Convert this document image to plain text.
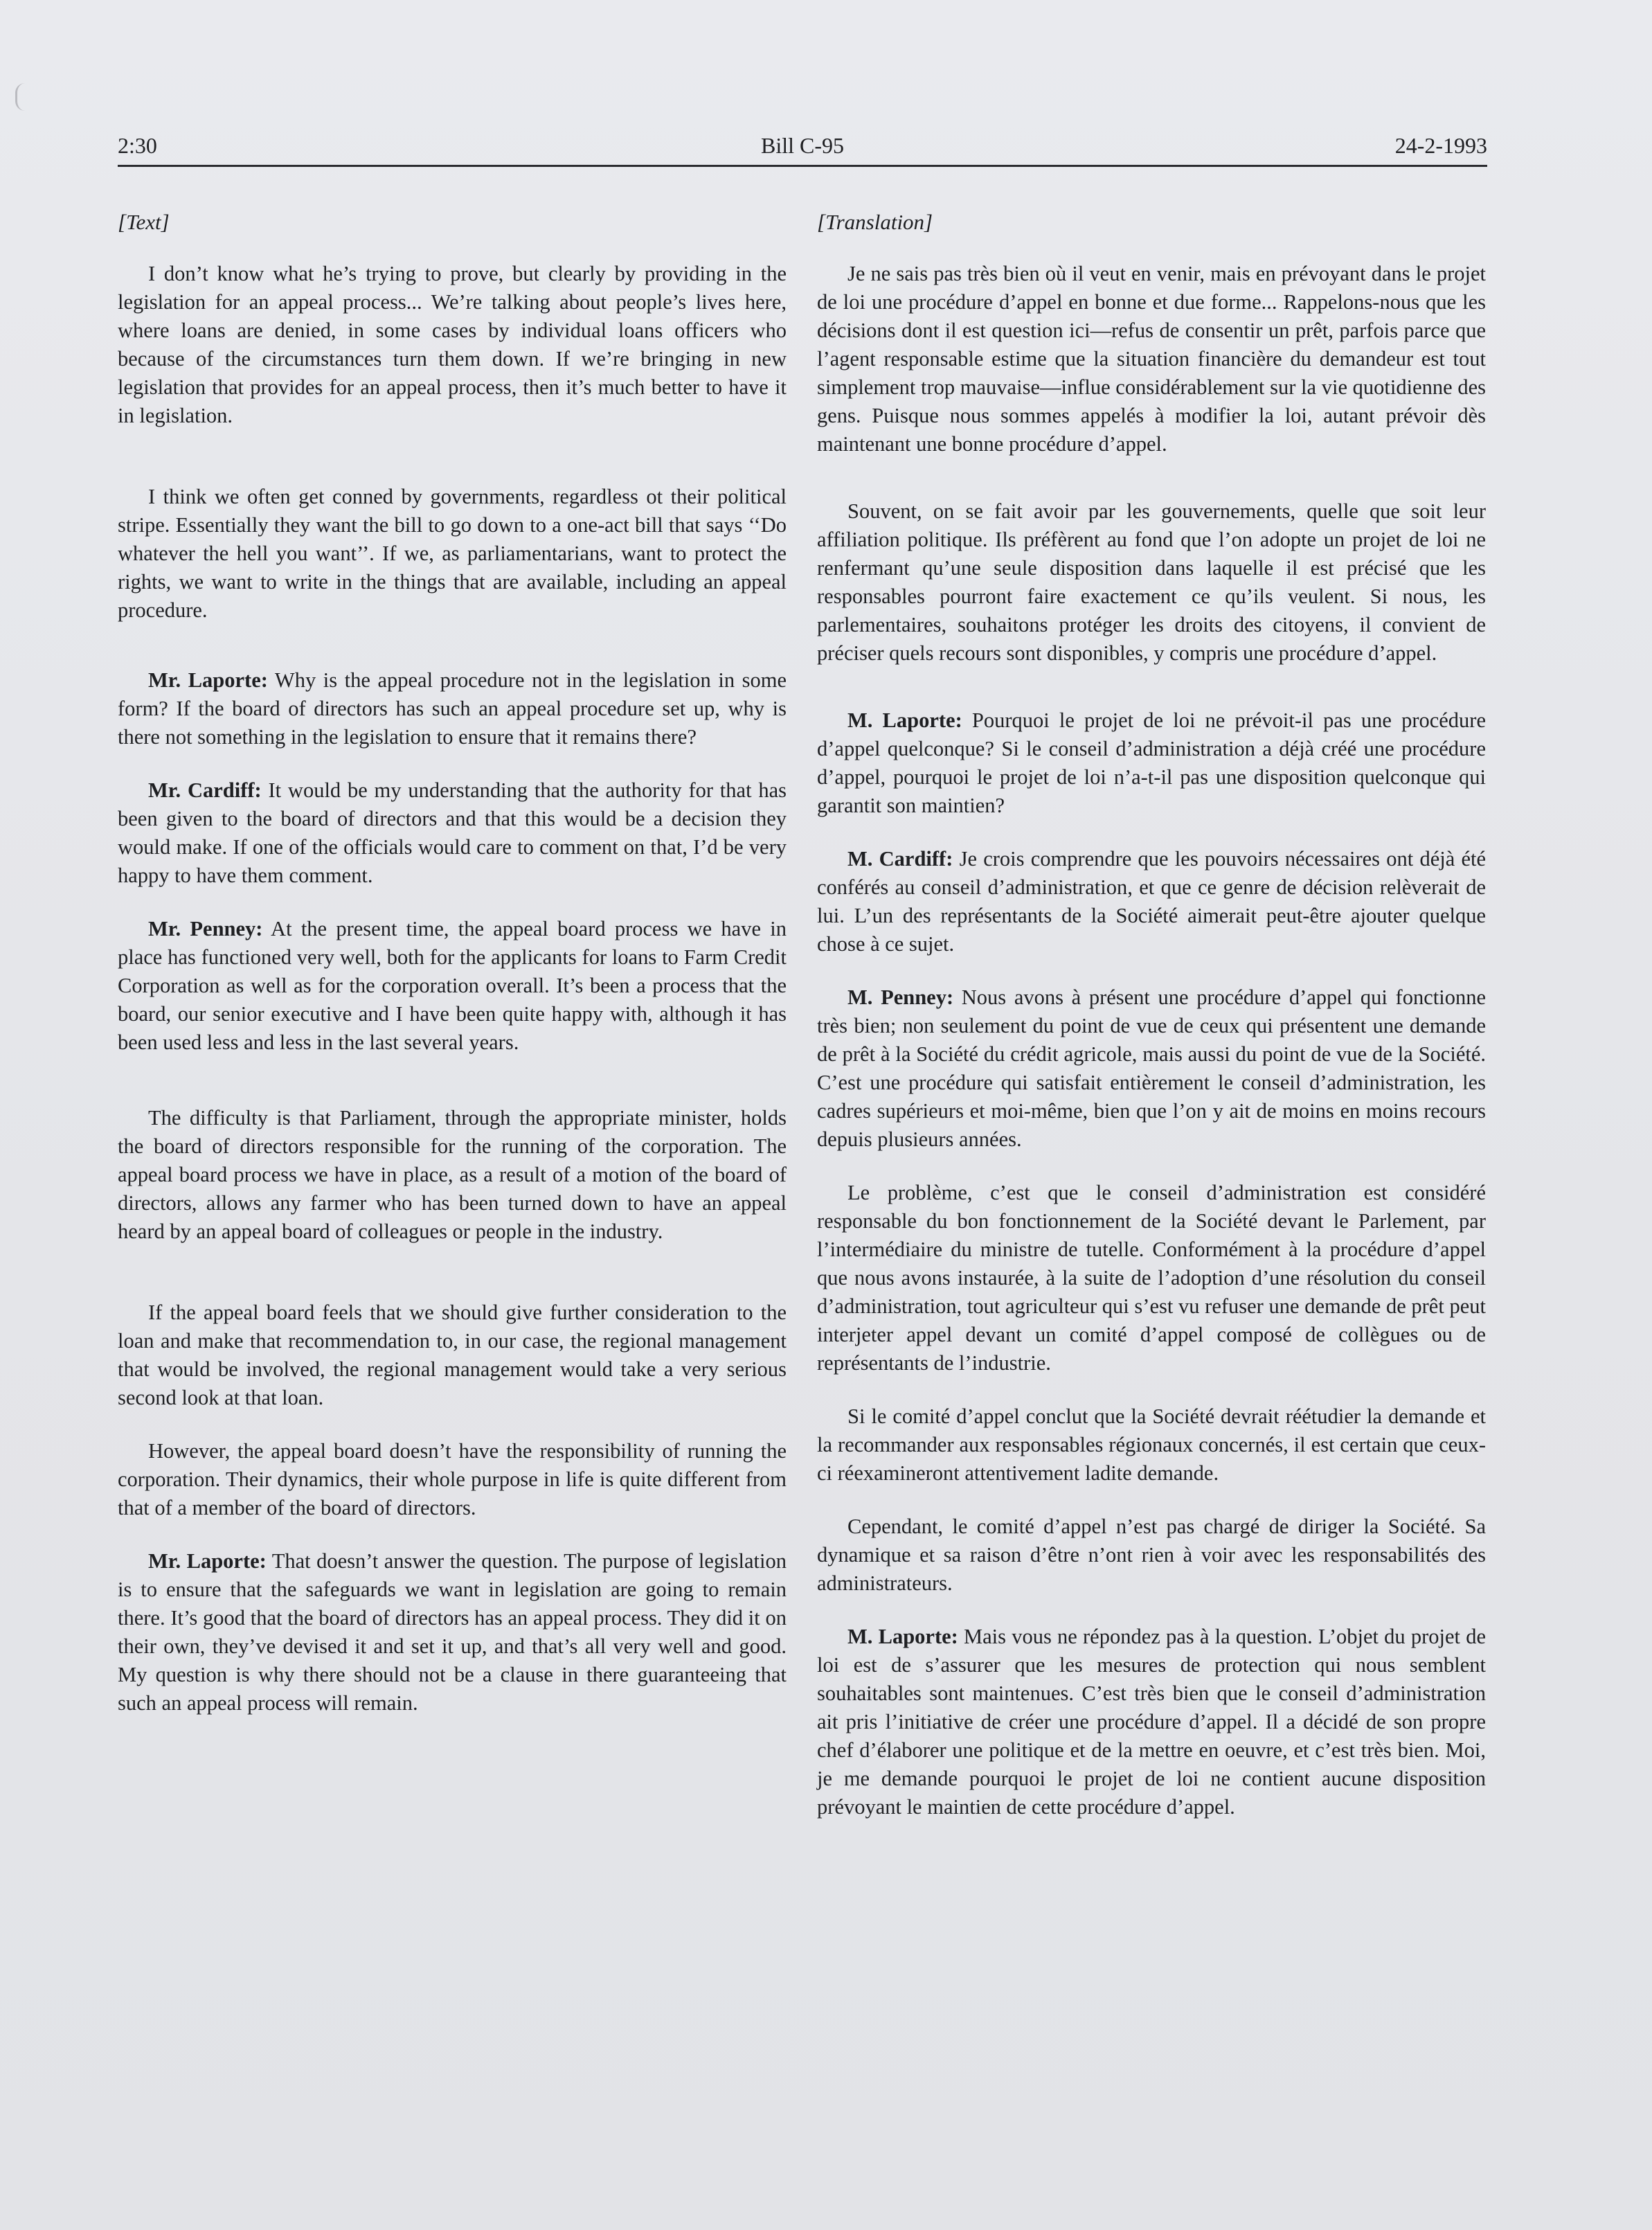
2:30	Bill C-95	24-2-1993
[Text]

I don’t know what he’s trying to prove, but clearly by providing in the legislation for an appeal process... We’re talking about people’s lives here, where loans are denied, in some cases by individual loans officers who because of the circumstances turn them down. If we’re bringing in new legislation that provides for an appeal process, then it’s much better to have it in legislation.

I think we often get conned by governments, regardless ot their political stripe. Essentially they want the bill to go down to a one-act bill that says ‘‘Do whatever the hell you want’’. If we, as parliamentarians, want to protect the rights, we want to write in the things that are available, including an appeal procedure.

Mr. Laporte: Why is the appeal procedure not in the legislation in some form? If the board of directors has such an appeal procedure set up, why is there not something in the legislation to ensure that it remains there?

Mr. Cardiff: It would be my understanding that the authority for that has been given to the board of directors and that this would be a decision they would make. If one of the officials would care to comment on that, I’d be very happy to have them comment.

Mr. Penney: At the present time, the appeal board process we have in place has functioned very well, both for the applicants for loans to Farm Credit Corporation as well as for the corporation overall. It’s been a process that the board, our senior executive and I have been quite happy with, although it has been used less and less in the last several years.

The difficulty is that Parliament, through the appropriate minister, holds the board of directors responsible for the running of the corporation. The appeal board process we have in place, as a result of a motion of the board of directors, allows any farmer who has been turned down to have an appeal heard by an appeal board of colleagues or people in the industry.

If the appeal board feels that we should give further consideration to the loan and make that recommendation to, in our case, the regional management that would be involved, the regional management would take a very serious second look at that loan.

However, the appeal board doesn’t have the responsibility of running the corporation. Their dynamics, their whole purpose in life is quite different from that of a member of the board of directors.

Mr. Laporte: That doesn’t answer the question. The purpose of legislation is to ensure that the safeguards we want in legislation are going to remain there. It’s good that the board of directors has an appeal process. They did it on their own, they’ve devised it and set it up, and that’s all very well and good. My question is why there should not be a clause in there guaranteeing that such an appeal process will remain.

[Translation]

Je ne sais pas très bien où il veut en venir, mais en prévoyant dans le projet de loi une procédure d’appel en bonne et due forme... Rappelons-nous que les décisions dont il est question ici—refus de consentir un prêt, parfois parce que l’agent responsable estime que la situation financière du demandeur est tout simplement trop mauvaise—influe considérablement sur la vie quotidienne des gens. Puisque nous sommes appelés à modifier la loi, autant prévoir dès maintenant une bonne procédure d’appel.

Souvent, on se fait avoir par les gouvernements, quelle que soit leur affiliation politique. Ils préfèrent au fond que l’on adopte un projet de loi ne renfermant qu’une seule disposition dans laquelle il est précisé que les responsables pourront faire exactement ce qu’ils veulent. Si nous, les parlementaires, souhaitons protéger les droits des citoyens, il convient de préciser quels recours sont disponibles, y compris une procédure d’appel.

M. Laporte: Pourquoi le projet de loi ne prévoit-il pas une procédure d’appel quelconque? Si le conseil d’administration a déjà créé une procédure d’appel, pourquoi le projet de loi n’a-t-il pas une disposition quelconque qui garantit son maintien?

M. Cardiff: Je crois comprendre que les pouvoirs nécessaires ont déjà été conférés au conseil d’administration, et que ce genre de décision relèverait de lui. L’un des représentants de la Société aimerait peut-être ajouter quelque chose à ce sujet.

M. Penney: Nous avons à présent une procédure d’appel qui fonctionne très bien; non seulement du point de vue de ceux qui présentent une demande de prêt à la Société du crédit agricole, mais aussi du point de vue de la Société. C’est une procédure qui satisfait entièrement le conseil d’administration, les cadres supérieurs et moi-même, bien que l’on y ait de moins en moins recours depuis plusieurs années.

Le problème, c’est que le conseil d’administration est considéré responsable du bon fonctionnement de la Société devant le Parlement, par l’intermédiaire du ministre de tutelle. Conformément à la procédure d’appel que nous avons instaurée, à la suite de l’adoption d’une résolution du conseil d’administration, tout agriculteur qui s’est vu refuser une demande de prêt peut interjeter appel devant un comité d’appel composé de collègues ou de représentants de l’industrie.

Si le comité d’appel conclut que la Société devrait réétudier la demande et la recommander aux responsables régionaux concernés, il est certain que ceux-ci réexamineront attentivement ladite demande.

Cependant, le comité d’appel n’est pas chargé de diriger la Société. Sa dynamique et sa raison d’être n’ont rien à voir avec les responsabilités des administrateurs.

M. Laporte: Mais vous ne répondez pas à la question. L’objet du projet de loi est de s’assurer que les mesures de protection qui nous semblent souhaitables sont maintenues. C’est très bien que le conseil d’administration ait pris l’initiative de créer une procédure d’appel. Il a décidé de son propre chef d’élaborer une politique et de la mettre en oeuvre, et c’est très bien. Moi, je me demande pourquoi le projet de loi ne contient aucune disposition prévoyant le maintien de cette procédure d’appel.
